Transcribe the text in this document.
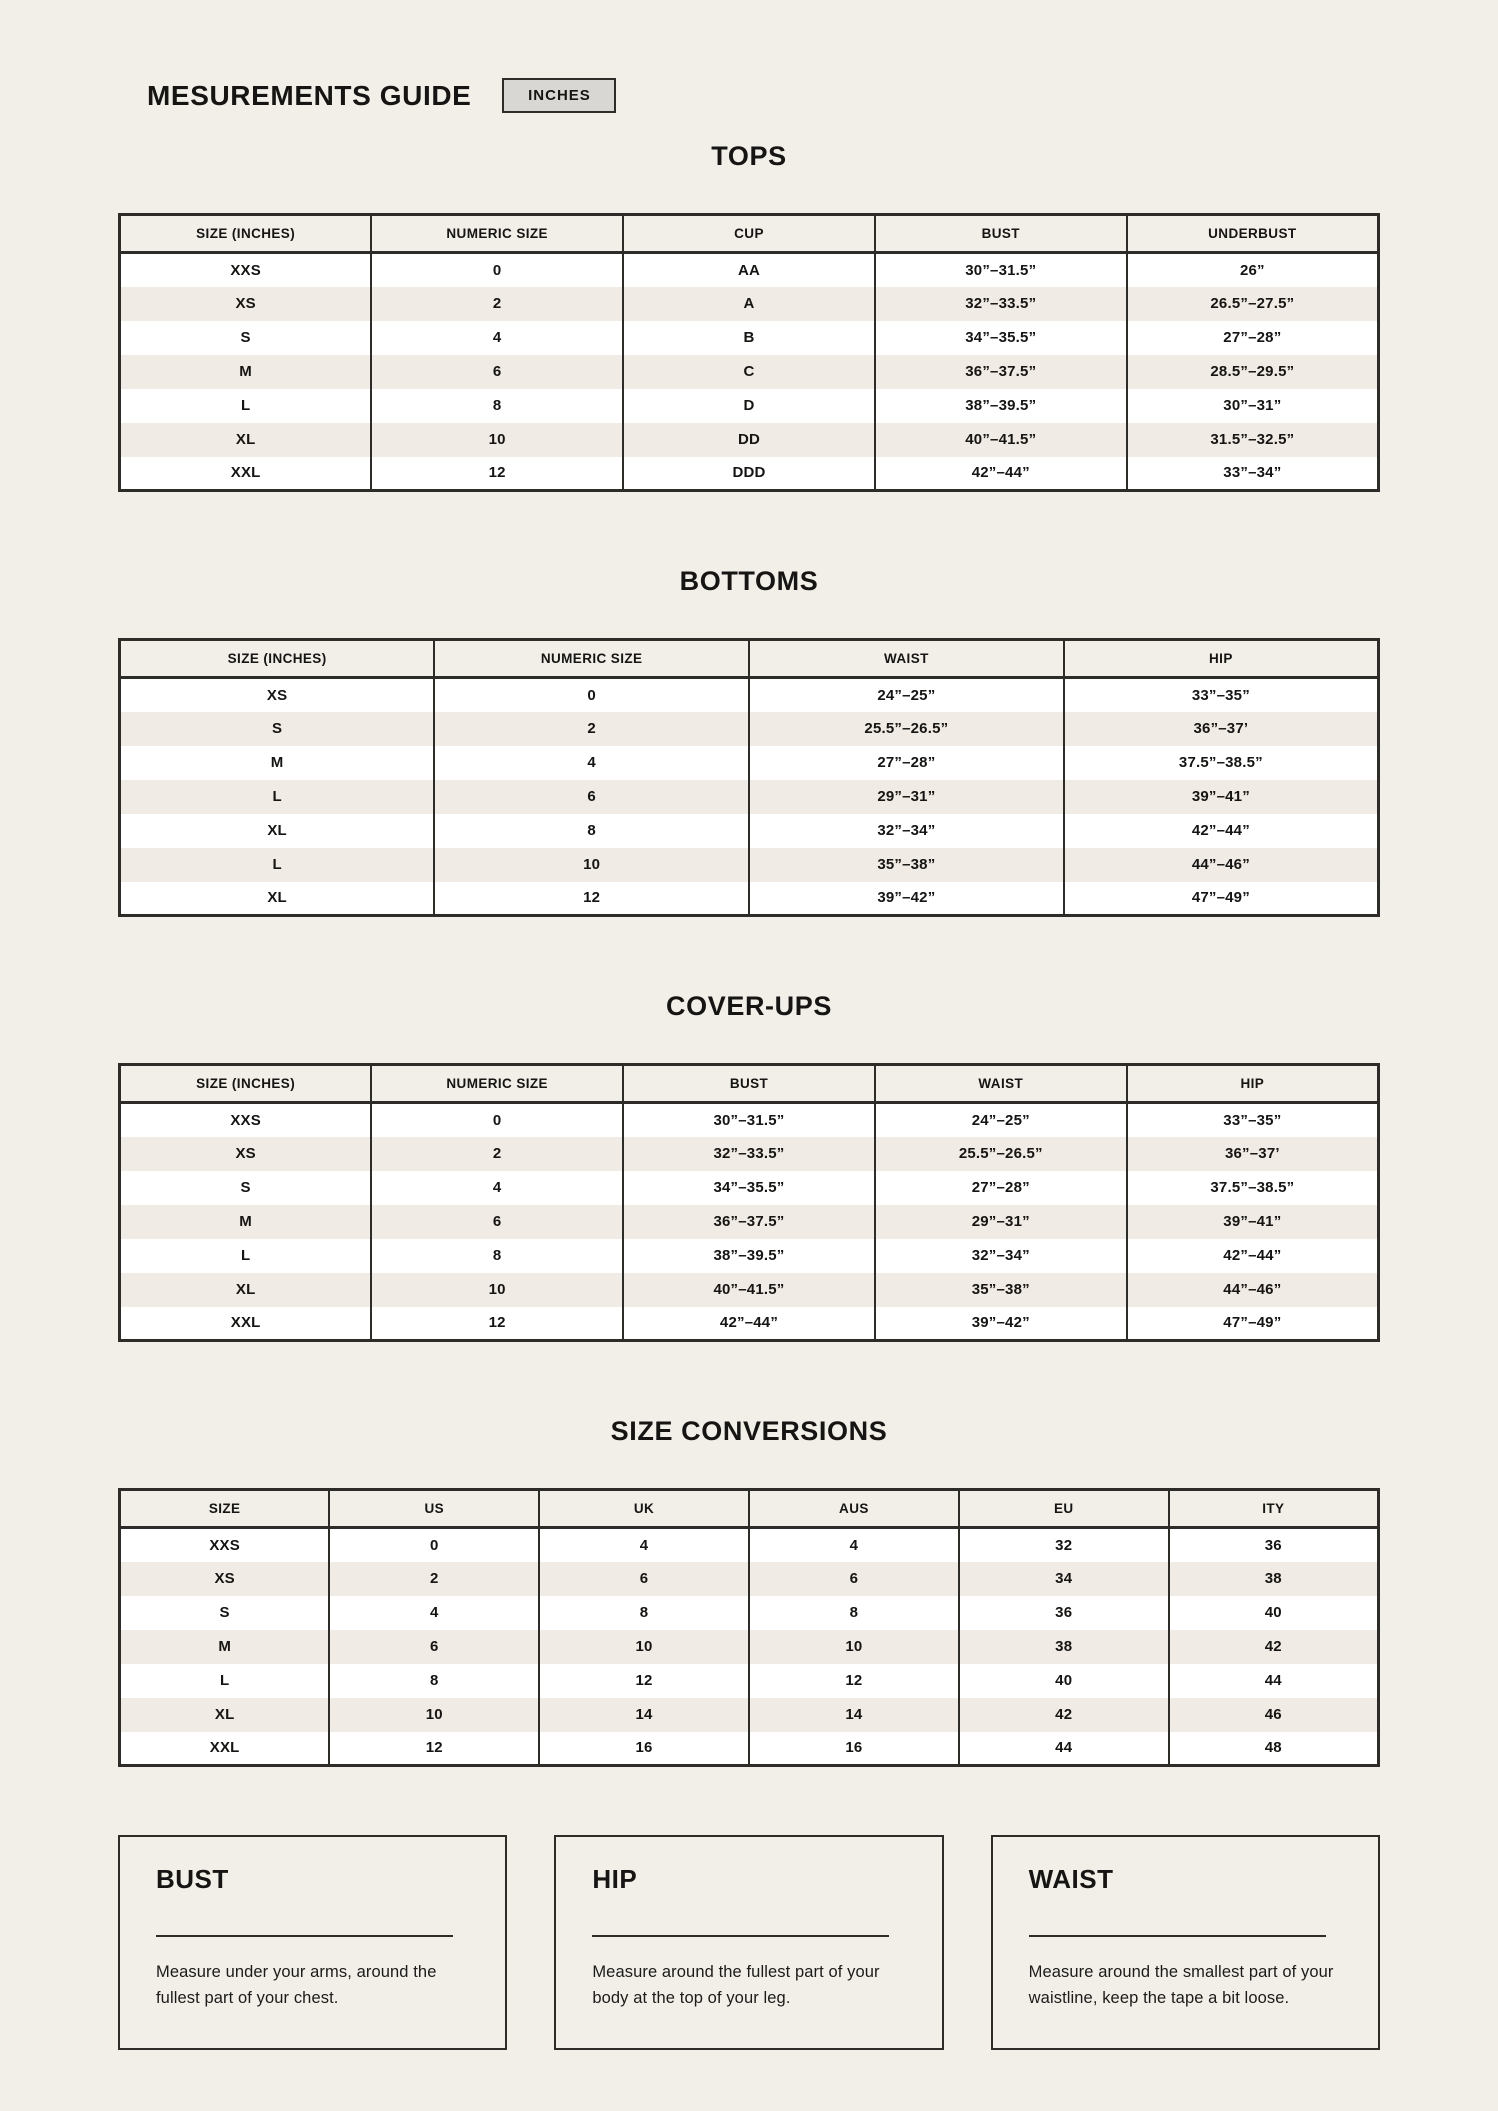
MESUREMENTS GUIDE	INCHES
TOPS
SIZE (INCHES)	NUMERIC SIZE	CUP	BUST	UNDERBUST
XXS	0	AA	30”–31.5”	26”
XS	2	A	32”–33.5”	26.5”–27.5”
S	4	B	34”–35.5”	27”–28”
M	6	C	36”–37.5”	28.5”–29.5”
L	8	D	38”–39.5”	30”–31”
XL	10	DD	40”–41.5”	31.5”–32.5”
XXL	12	DDD	42”–44”	33”–34”
BOTTOMS
SIZE (INCHES)	NUMERIC SIZE	WAIST	HIP
XS	0	24”–25”	33”–35”
S	2	25.5”–26.5”	36”–37’
M	4	27”–28”	37.5”–38.5”
L	6	29”–31”	39”–41”
XL	8	32”–34”	42”–44”
L	10	35”–38”	44”–46”
XL	12	39”–42”	47”–49”
COVER-UPS
SIZE (INCHES)	NUMERIC SIZE	BUST	WAIST	HIP
XXS	0	30”–31.5”	24”–25”	33”–35”
XS	2	32”–33.5”	25.5”–26.5”	36”–37’
S	4	34”–35.5”	27”–28”	37.5”–38.5”
M	6	36”–37.5”	29”–31”	39”–41”
L	8	38”–39.5”	32”–34”	42”–44”
XL	10	40”–41.5”	35”–38”	44”–46”
XXL	12	42”–44”	39”–42”	47”–49”
SIZE CONVERSIONS
SIZE	US	UK	AUS	EU	ITY
XXS	0	4	4	32	36
XS	2	6	6	34	38
S	4	8	8	36	40
M	6	10	10	38	42
L	8	12	12	40	44
XL	10	14	14	42	46
XXL	12	16	16	44	48
BUST

Measure under your arms, around the fullest part of your chest.

HIP

Measure around the fullest part of your body at the top of your leg.

WAIST

Measure around the smallest part of your waistline, keep the tape a bit loose.
